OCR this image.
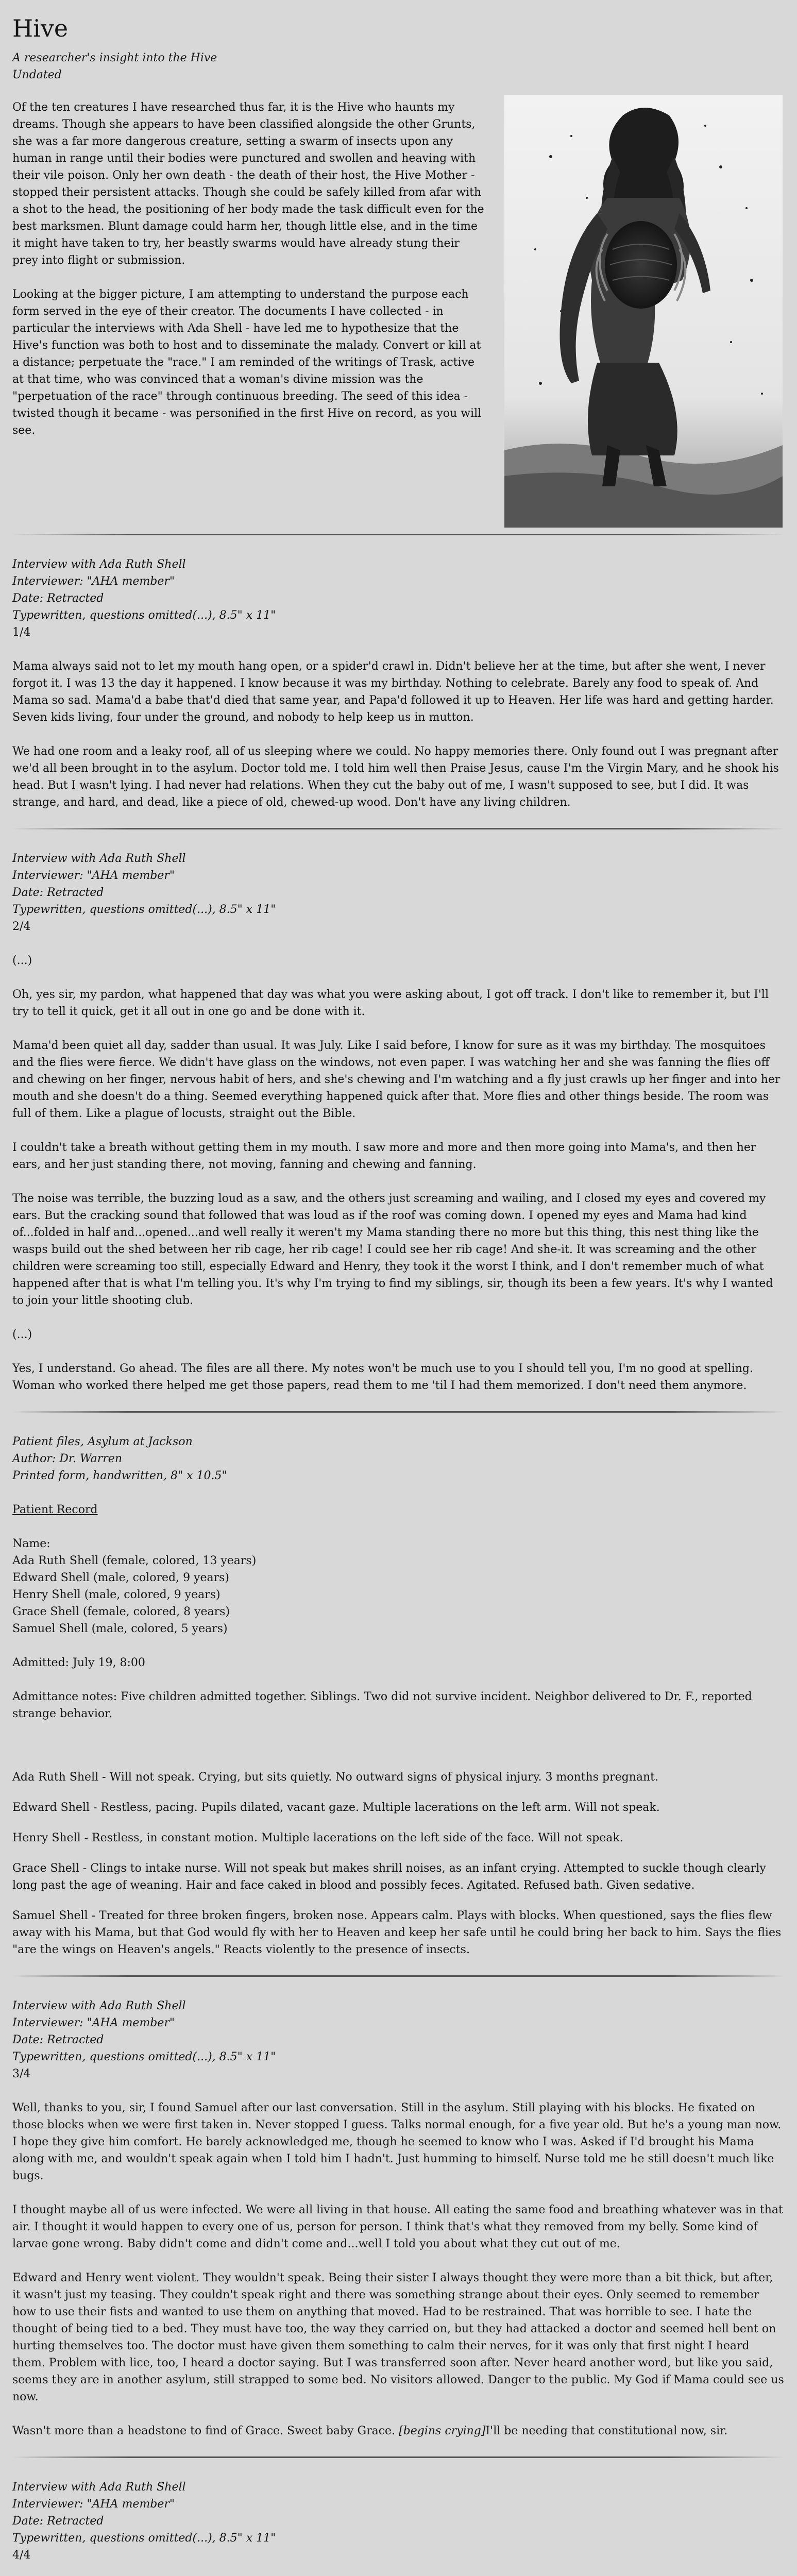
Hive

A researcher's insight into the Hive

Undated

Of the ten creatures I have researched thus far, it is the Hive who haunts my dreams. Though she appears to have been classified alongside the other Grunts, she was a far more dangerous creature, setting a swarm of insects upon any human in range until their bodies were punctured and swollen and heaving with their vile poison. Only her own death - the death of their host, the Hive Mother - stopped their persistent attacks. Though she could be safely killed from afar with a shot to the head, the positioning of her body made the task difficult even for the best marksmen. Blunt damage could harm her, though little else, and in the time it might have taken to try, her beastly swarms would have already stung their prey into flight or submission.

Looking at the bigger picture, I am attempting to understand the purpose each form served in the eye of their creator. The documents I have collected - in particular the interviews with Ada Shell - have led me to hypothesize that the Hive's function was both to host and to disseminate the malady. Convert or kill at a distance; perpetuate the "race." I am reminded of the writings of Trask, active at that time, who was convinced that a woman's divine mission was the "perpetuation of the race" through continuous breeding. The seed of this idea - twisted though it became - was personified in the first Hive on record, as you will see.

Interview with Ada Ruth Shell

Interviewer: "AHA member"

Date: Retracted

Typewritten, questions omitted(...), 8.5" x 11"

1/4

Mama always said not to let my mouth hang open, or a spider'd crawl in. Didn't believe her at the time, but after she went, I never forgot it. I was 13 the day it happened. I know because it was my birthday. Nothing to celebrate. Barely any food to speak of. And Mama so sad. Mama'd a babe that'd died that same year, and Papa'd followed it up to Heaven. Her life was hard and getting harder. Seven kids living, four under the ground, and nobody to help keep us in mutton.

We had one room and a leaky roof, all of us sleeping where we could. No happy memories there. Only found out I was pregnant after we'd all been brought in to the asylum. Doctor told me. I told him well then Praise Jesus, cause I'm the Virgin Mary, and he shook his head. But I wasn't lying. I had never had relations. When they cut the baby out of me, I wasn't supposed to see, but I did. It was strange, and hard, and dead, like a piece of old, chewed-up wood. Don't have any living children.

Interview with Ada Ruth Shell

Interviewer: "AHA member"

Date: Retracted

Typewritten, questions omitted(...), 8.5" x 11"

2/4

(...)

Oh, yes sir, my pardon, what happened that day was what you were asking about, I got off track. I don't like to remember it, but I'll try to tell it quick, get it all out in one go and be done with it.

Mama'd been quiet all day, sadder than usual. It was July. Like I said before, I know for sure as it was my birthday. The mosquitoes and the flies were fierce. We didn't have glass on the windows, not even paper. I was watching her and she was fanning the flies off and chewing on her finger, nervous habit of hers, and she's chewing and I'm watching and a fly just crawls up her finger and into her mouth and she doesn't do a thing. Seemed everything happened quick after that. More flies and other things beside. The room was full of them. Like a plague of locusts, straight out the Bible.

I couldn't take a breath without getting them in my mouth. I saw more and more and then more going into Mama's, and then her ears, and her just standing there, not moving, fanning and chewing and fanning.

The noise was terrible, the buzzing loud as a saw, and the others just screaming and wailing, and I closed my eyes and covered my ears. But the cracking sound that followed that was loud as if the roof was coming down. I opened my eyes and Mama had kind of...folded in half and...opened...and well really it weren't my Mama standing there no more but this thing, this nest thing like the wasps build out the shed between her rib cage, her rib cage! I could see her rib cage! And she-it. It was screaming and the other children were screaming too still, especially Edward and Henry, they took it the worst I think, and I don't remember much of what happened after that is what I'm telling you. It's why I'm trying to find my siblings, sir, though its been a few years. It's why I wanted to join your little shooting club.

(...)

Yes, I understand. Go ahead. The files are all there. My notes won't be much use to you I should tell you, I'm no good at spelling. Woman who worked there helped me get those papers, read them to me 'til I had them memorized. I don't need them anymore.

Patient files, Asylum at Jackson

Author: Dr. Warren

Printed form, handwritten, 8" x 10.5"

Patient Record

Name:

Ada Ruth Shell (female, colored, 13 years)

Edward Shell (male, colored, 9 years)

Henry Shell (male, colored, 9 years)

Grace Shell (female, colored, 8 years)

Samuel Shell (male, colored, 5 years)

Admitted: July 19, 8:00

Admittance notes: Five children admitted together. Siblings. Two did not survive incident. Neighbor delivered to Dr. F., reported strange behavior.

Ada Ruth Shell - Will not speak. Crying, but sits quietly. No outward signs of physical injury. 3 months pregnant.

Edward Shell - Restless, pacing. Pupils dilated, vacant gaze. Multiple lacerations on the left arm. Will not speak.

Henry Shell - Restless, in constant motion. Multiple lacerations on the left side of the face. Will not speak.

Grace Shell - Clings to intake nurse. Will not speak but makes shrill noises, as an infant crying. Attempted to suckle though clearly long past the age of weaning. Hair and face caked in blood and possibly feces. Agitated. Refused bath. Given sedative.

Samuel Shell - Treated for three broken fingers, broken nose. Appears calm. Plays with blocks. When questioned, says the flies flew away with his Mama, but that God would fly with her to Heaven and keep her safe until he could bring her back to him. Says the flies "are the wings on Heaven's angels." Reacts violently to the presence of insects.

Interview with Ada Ruth Shell

Interviewer: "AHA member"

Date: Retracted

Typewritten, questions omitted(...), 8.5" x 11"

3/4

Well, thanks to you, sir, I found Samuel after our last conversation. Still in the asylum. Still playing with his blocks. He fixated on those blocks when we were first taken in. Never stopped I guess. Talks normal enough, for a five year old. But he's a young man now. I hope they give him comfort. He barely acknowledged me, though he seemed to know who I was. Asked if I'd brought his Mama along with me, and wouldn't speak again when I told him I hadn't. Just humming to himself. Nurse told me he still doesn't much like bugs.

I thought maybe all of us were infected. We were all living in that house. All eating the same food and breathing whatever was in that air. I thought it would happen to every one of us, person for person. I think that's what they removed from my belly. Some kind of larvae gone wrong. Baby didn't come and didn't come and...well I told you about what they cut out of me.

Edward and Henry went violent. They wouldn't speak. Being their sister I always thought they were more than a bit thick, but after, it wasn't just my teasing. They couldn't speak right and there was something strange about their eyes. Only seemed to remember how to use their fists and wanted to use them on anything that moved. Had to be restrained. That was horrible to see. I hate the thought of being tied to a bed. They must have too, the way they carried on, but they had attacked a doctor and seemed hell bent on hurting themselves too. The doctor must have given them something to calm their nerves, for it was only that first night I heard them. Problem with lice, too, I heard a doctor saying. But I was transferred soon after. Never heard another word, but like you said, seems they are in another asylum, still strapped to some bed. No visitors allowed. Danger to the public. My God if Mama could see us now.

Wasn't more than a headstone to find of Grace. Sweet baby Grace. [begins crying]I'll be needing that constitutional now, sir.

Interview with Ada Ruth Shell

Interviewer: "AHA member"

Date: Retracted

Typewritten, questions omitted(...), 8.5" x 11"

4/4
